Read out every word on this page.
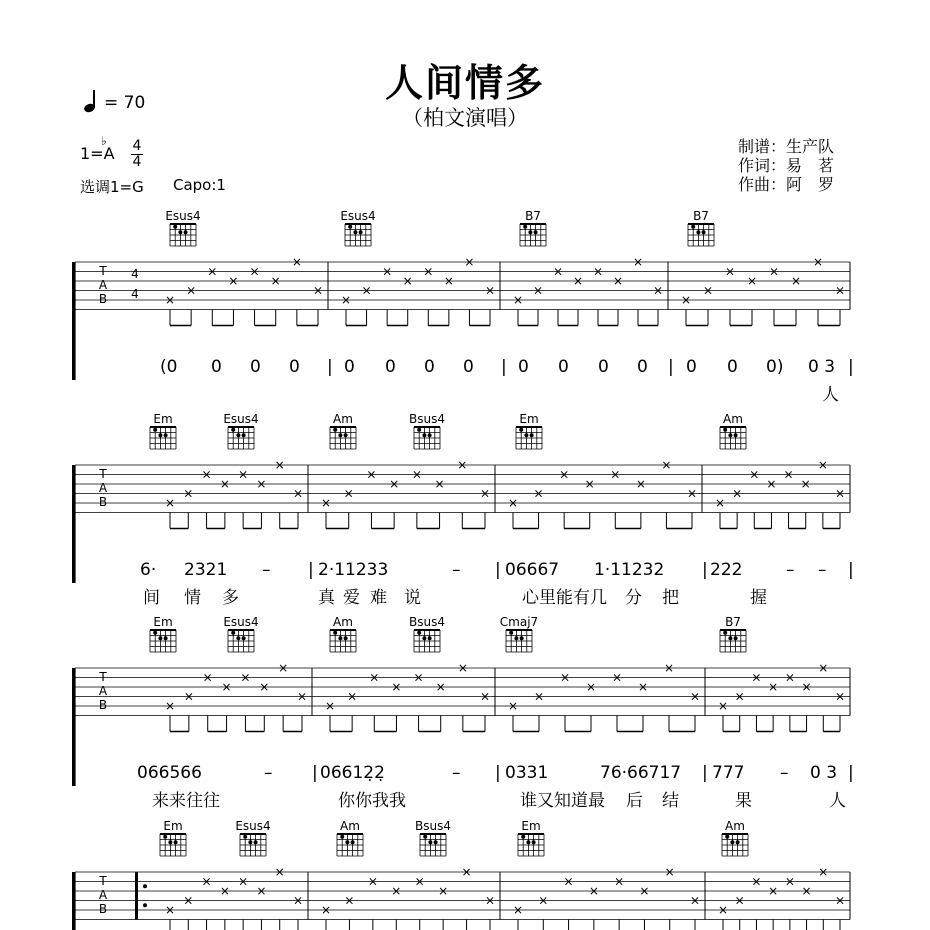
人间情多
（柏文演唱）
= 70
1=A
♭ 4
4
选调1=G Capo:1
制谱：生产队
作词：易　茗
作曲：阿　罗
T
A
B
4
4 ×
×
×
×
×
×
×
×
×
×
×
×
×
×
×
×
×
×
×
×
×
×
×
×
×
×
×
×
×
×
×
×
Esus4	Esus4	B7	B7
(0 0 0 0 | 0 0 0 0 | 0 0 0 0 | 0 0 0) 0 3 |
人
T
A
B	×
×
×
×
×
×
×
×
×
×
×
×
×
×
×
×
×
×
×
×
×
×
×
×
×
×
×
×
×
×
×
×
Em	Esus4	Am	Bsus4	Em	Am
6· 2321 – | 2·11233	– | 06667 1·11232 | 222	– – |
间 情 多	真 爱 难 说	心里能有几 分 把	握
T
A
B	×
×
×
×
×
×
×
×
×
×
×
×
×
×
×
×
×
×
×
×
×
×
×
×
×
×
×
×
×
×
×
×
Em	Esus4	Am	Bsus4	Cmaj7	B7
066566	– | 06612̣2̣	– | 0331	76·66717 | 777 – 0 3 |
来来往往	你你我我	谁又知道最 后 结	果	人
T
A
B	×
×
×
×
×
×
×
×
×
×
×
×
×
×
×
×
×
×
×
×
×
×
×
×
×
×
×
×
×
×
×
×
Em	Esus4	Am	Bsus4	Em	Am
